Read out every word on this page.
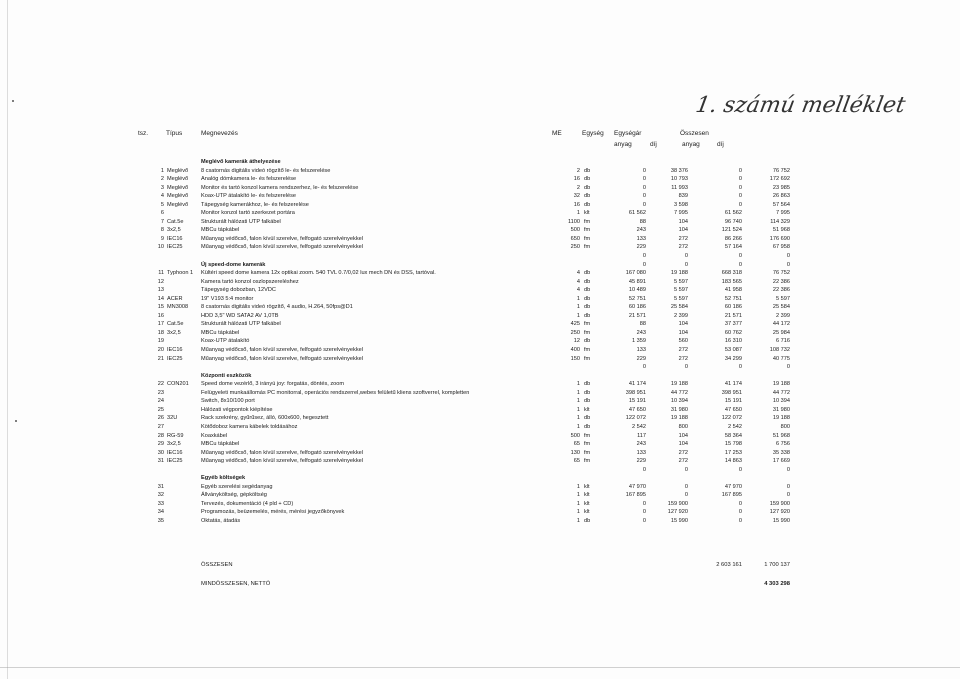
1. számú melléklet
tsz.	Típus	Megnevezés	ME	Egység Egységár	Összesen
anyag	díj	anyag	díj
Meglévő kamerák áthelyezése
1 Meglévő	8 csatornás digitális videó rögzítő le- és felszerelése	2 db	0	38 376	0	76 752
2 Meglévő	Analóg dómkamera le- és felszerelése	16 db	0	10 793	0	172 692
3 Meglévő	Monitor és tartó konzol kamera rendszerhez, le- és felszerelése	2 db	0	11 993	0	23 985
4 Meglévő	Koax-UTP átalakító le- és felszerelése	32 db	0	839	0	26 863
5 Meglévő	Tápegység kamerákhoz, le- és felszerelése	16 db	0	3 598	0	57 564
6	Monitor konzol tartó szerkezet portára	1 klt	61 562	7 995	61 562	7 995
7 Cat.5e	Strukturált hálózati UTP falkábel	1100 fm	88	104	96 740	114 329
8 3x2,5	MBCu tápkábel	500 fm	243	104	121 524	51 968
9 IEC16	Műanyag védőcső, falon kívül szerelve, felfogató szerelvényekkel	650 fm	133	272	86 266	176 690
10 IEC25	Műanyag védőcső, falon kívül szerelve, felfogató szerelvényekkel	250 fm	229	272	57 164	67 958
0	0	0	0
Új speed-dome kamerák	0	0	0	0
11 Typhoon 1	Kültéri speed dome kamera 12x optikai zoom. 540 TVL 0.7/0,02 lux mech DN és DSS, tartóval.	4 db	167 080	19 188	668 318	76 752
12	Kamera tartó konzol oszlopszereléshez	4 db	45 891	5 597	183 565	22 386
13	Tápegység dobozban, 12VDC	4 db	10 489	5 597	41 958	22 386
14 ACER	19" V193 5:4 monitor	1 db	52 751	5 597	52 751	5 597
15 MN3008	8 csatornás digitális videó rögzítő, 4 audio, H.264, 50fps@D1	1 db	60 186	25 584	60 186	25 584
16	HDD 3,5" WD SATA2 AV 1,0TB	1 db	21 571	2 399	21 571	2 399
17 Cat.5e	Strukturált hálózati UTP falkábel	425 fm	88	104	37 377	44 172
18 3x2,5	MBCu tápkábel	250 fm	243	104	60 762	25 984
19	Koax-UTP átalakító	12 db	1 359	560	16 310	6 716
20 IEC16	Műanyag védőcső, falon kívül szerelve, felfogató szerelvényekkel	400 fm	133	272	53 087	108 732
21 IEC25	Műanyag védőcső, falon kívül szerelve, felfogató szerelvényekkel	150 fm	229	272	34 299	40 775
0	0	0	0
Központi eszközök
22 CON201	Speed dome vezérlő, 3 irányú joy: forgatás, döntés, zoom	1 db	41 174	19 188	41 174	19 188
23	Felügyeleti munkaállomás PC monitorral, operációs rendszerrel,webes felületű kliens szoftverrel, kompletten	1 db	398 951	44 772	398 951	44 772
24	Switch, 8x10/100 port	1 db	15 191	10 394	15 191	10 394
25	Hálózati végpontok kiépítése	1 klt	47 650	31 980	47 650	31 980
26 32U	Rack szekrény, gyűrűsez, álló, 600x600, hegesztett	1 db	122 072	19 188	122 072	19 188
27	Kötődoboz kamera kábelek toldásához	1 db	2 542	800	2 542	800
28 RG-59	Koaxkábel	500 fm	117	104	58 364	51 968
29 3x2,5	MBCu tápkábel	65 fm	243	104	15 798	6 756
30 IEC16	Műanyag védőcső, falon kívül szerelve, felfogató szerelvényekkel	130 fm	133	272	17 253	35 338
31 IEC25	Műanyag védőcső, falon kívül szerelve, felfogató szerelvényekkel	65 fm	229	272	14 863	17 669
0	0	0	0
Egyéb költségek
31	Egyéb szerelési segédanyag	1 klt	47 970	0	47 970	0
32	Állványköltség, gépköltség	1 klt	167 895	0	167 895	0
33	Tervezés, dokumentáció (4 pld + CD)	1 klt	0	159 900	0	159 900
34	Programozás, beüzemelés, mérés, mérési jegyzőkönyvek	1 klt	0	127 920	0	127 920
35	Oktatás, átadás	1 db	0	15 990	0	15 990
ÖSSZESEN	2 603 161	1 700 137
MINDÖSSZESEN, NETTÓ	4 303 298
